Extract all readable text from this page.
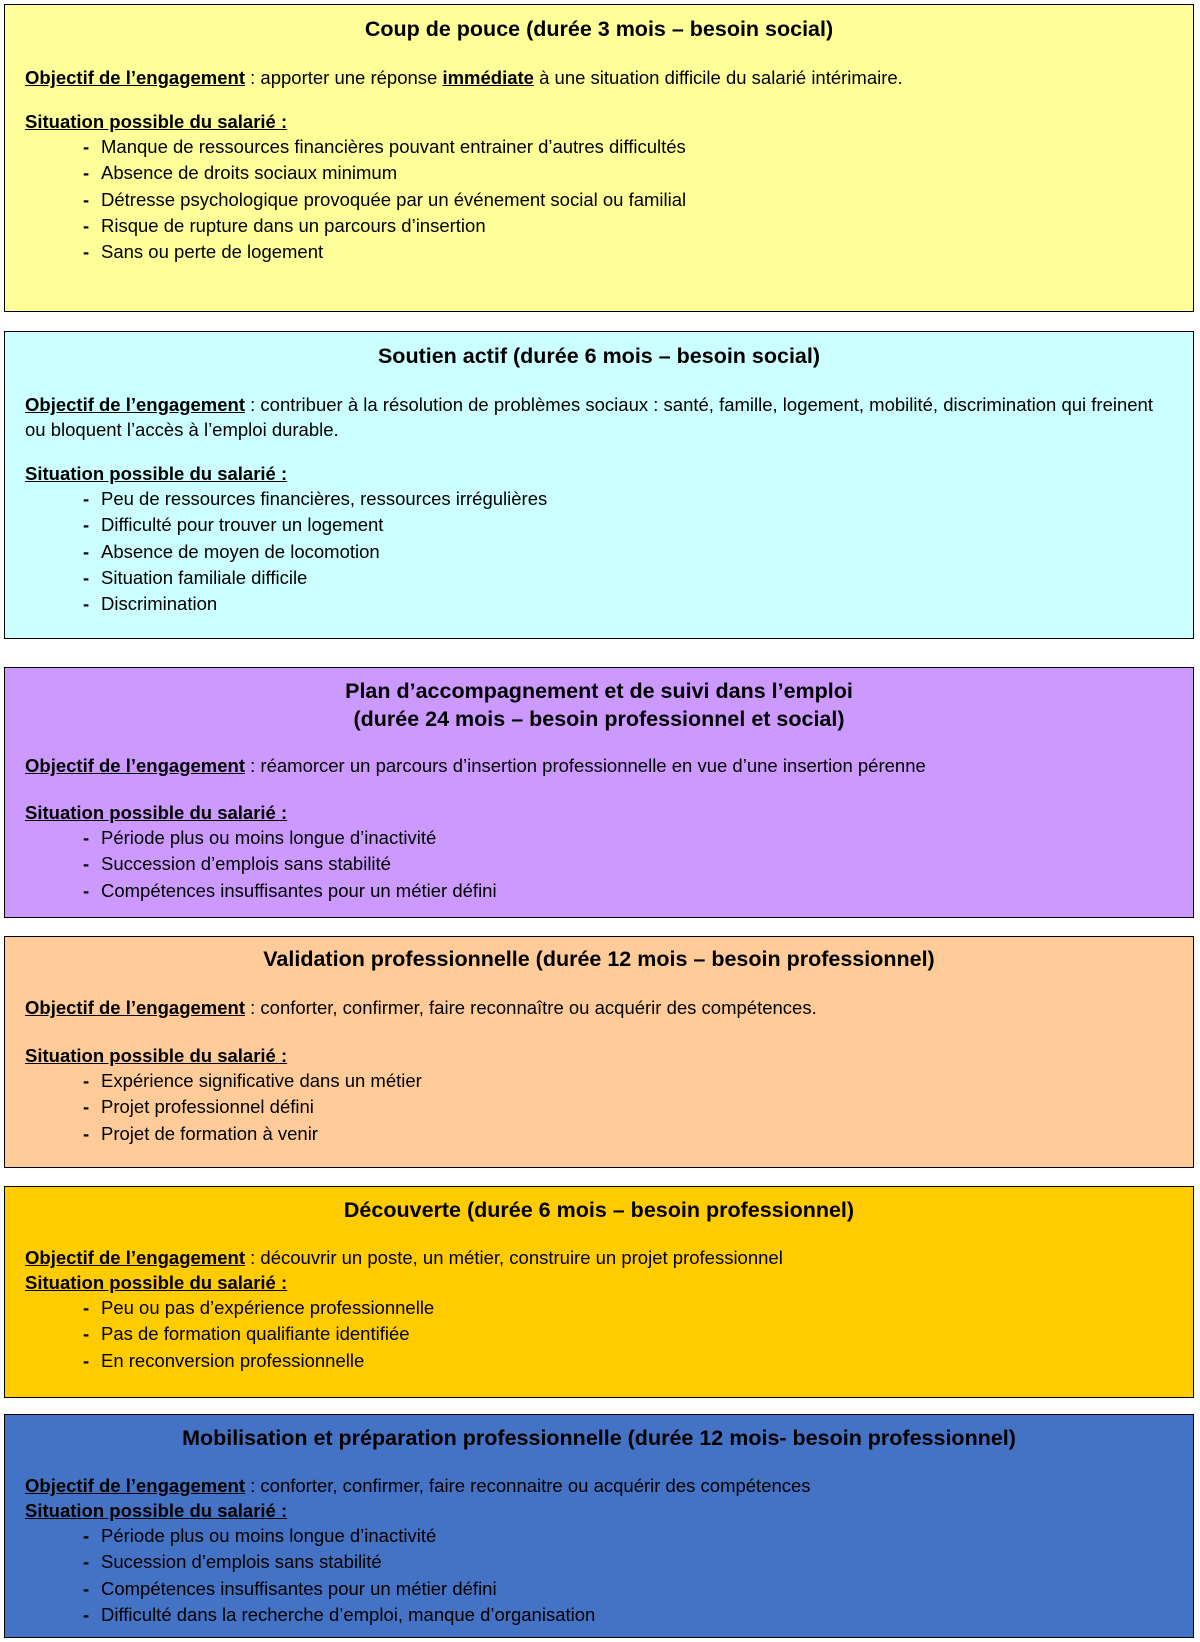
Coup de pouce (durée 3 mois – besoin social)
Objectif de l’engagement : apporter une réponse immédiate à une situation difficile du salarié intérimaire.
Situation possible du salarié :
- Manque de ressources financières pouvant entrainer d’autres difficultés
- Absence de droits sociaux minimum
- Détresse psychologique provoquée par un événement social ou familial
- Risque de rupture dans un parcours d’insertion
- Sans ou perte de logement
Soutien actif (durée 6 mois – besoin social)
Objectif de l’engagement : contribuer à la résolution de problèmes sociaux : santé, famille, logement, mobilité, discrimination qui freinent ou bloquent l’accès à l’emploi durable.
Situation possible du salarié :
- Peu de ressources financières, ressources irrégulières
- Difficulté pour trouver un logement
- Absence de moyen de locomotion
- Situation familiale difficile
- Discrimination
Plan d’accompagnement et de suivi dans l’emploi
(durée 24 mois – besoin professionnel et social)
Objectif de l’engagement : réamorcer un parcours d’insertion professionnelle en vue d’une insertion pérenne
Situation possible du salarié :
- Période plus ou moins longue d’inactivité
- Succession d’emplois sans stabilité
- Compétences insuffisantes pour un métier défini
Validation professionnelle (durée 12 mois – besoin professionnel)
Objectif de l’engagement : conforter, confirmer, faire reconnaître ou acquérir des compétences.
Situation possible du salarié :
- Expérience significative dans un métier
- Projet professionnel défini
- Projet de formation à venir
Découverte (durée 6 mois – besoin professionnel)
Objectif de l’engagement : découvrir un poste, un métier, construire un projet professionnel
Situation possible du salarié :
- Peu ou pas d’expérience professionnelle
- Pas de formation qualifiante identifiée
- En reconversion professionnelle
Mobilisation et préparation professionnelle (durée 12 mois- besoin professionnel)
Objectif de l’engagement : conforter, confirmer, faire reconnaitre ou acquérir des compétences
Situation possible du salarié :
- Période plus ou moins longue d’inactivité
- Sucession d’emplois sans stabilité
- Compétences insuffisantes pour un métier défini
- Difficulté dans la recherche d’emploi, manque d’organisation
